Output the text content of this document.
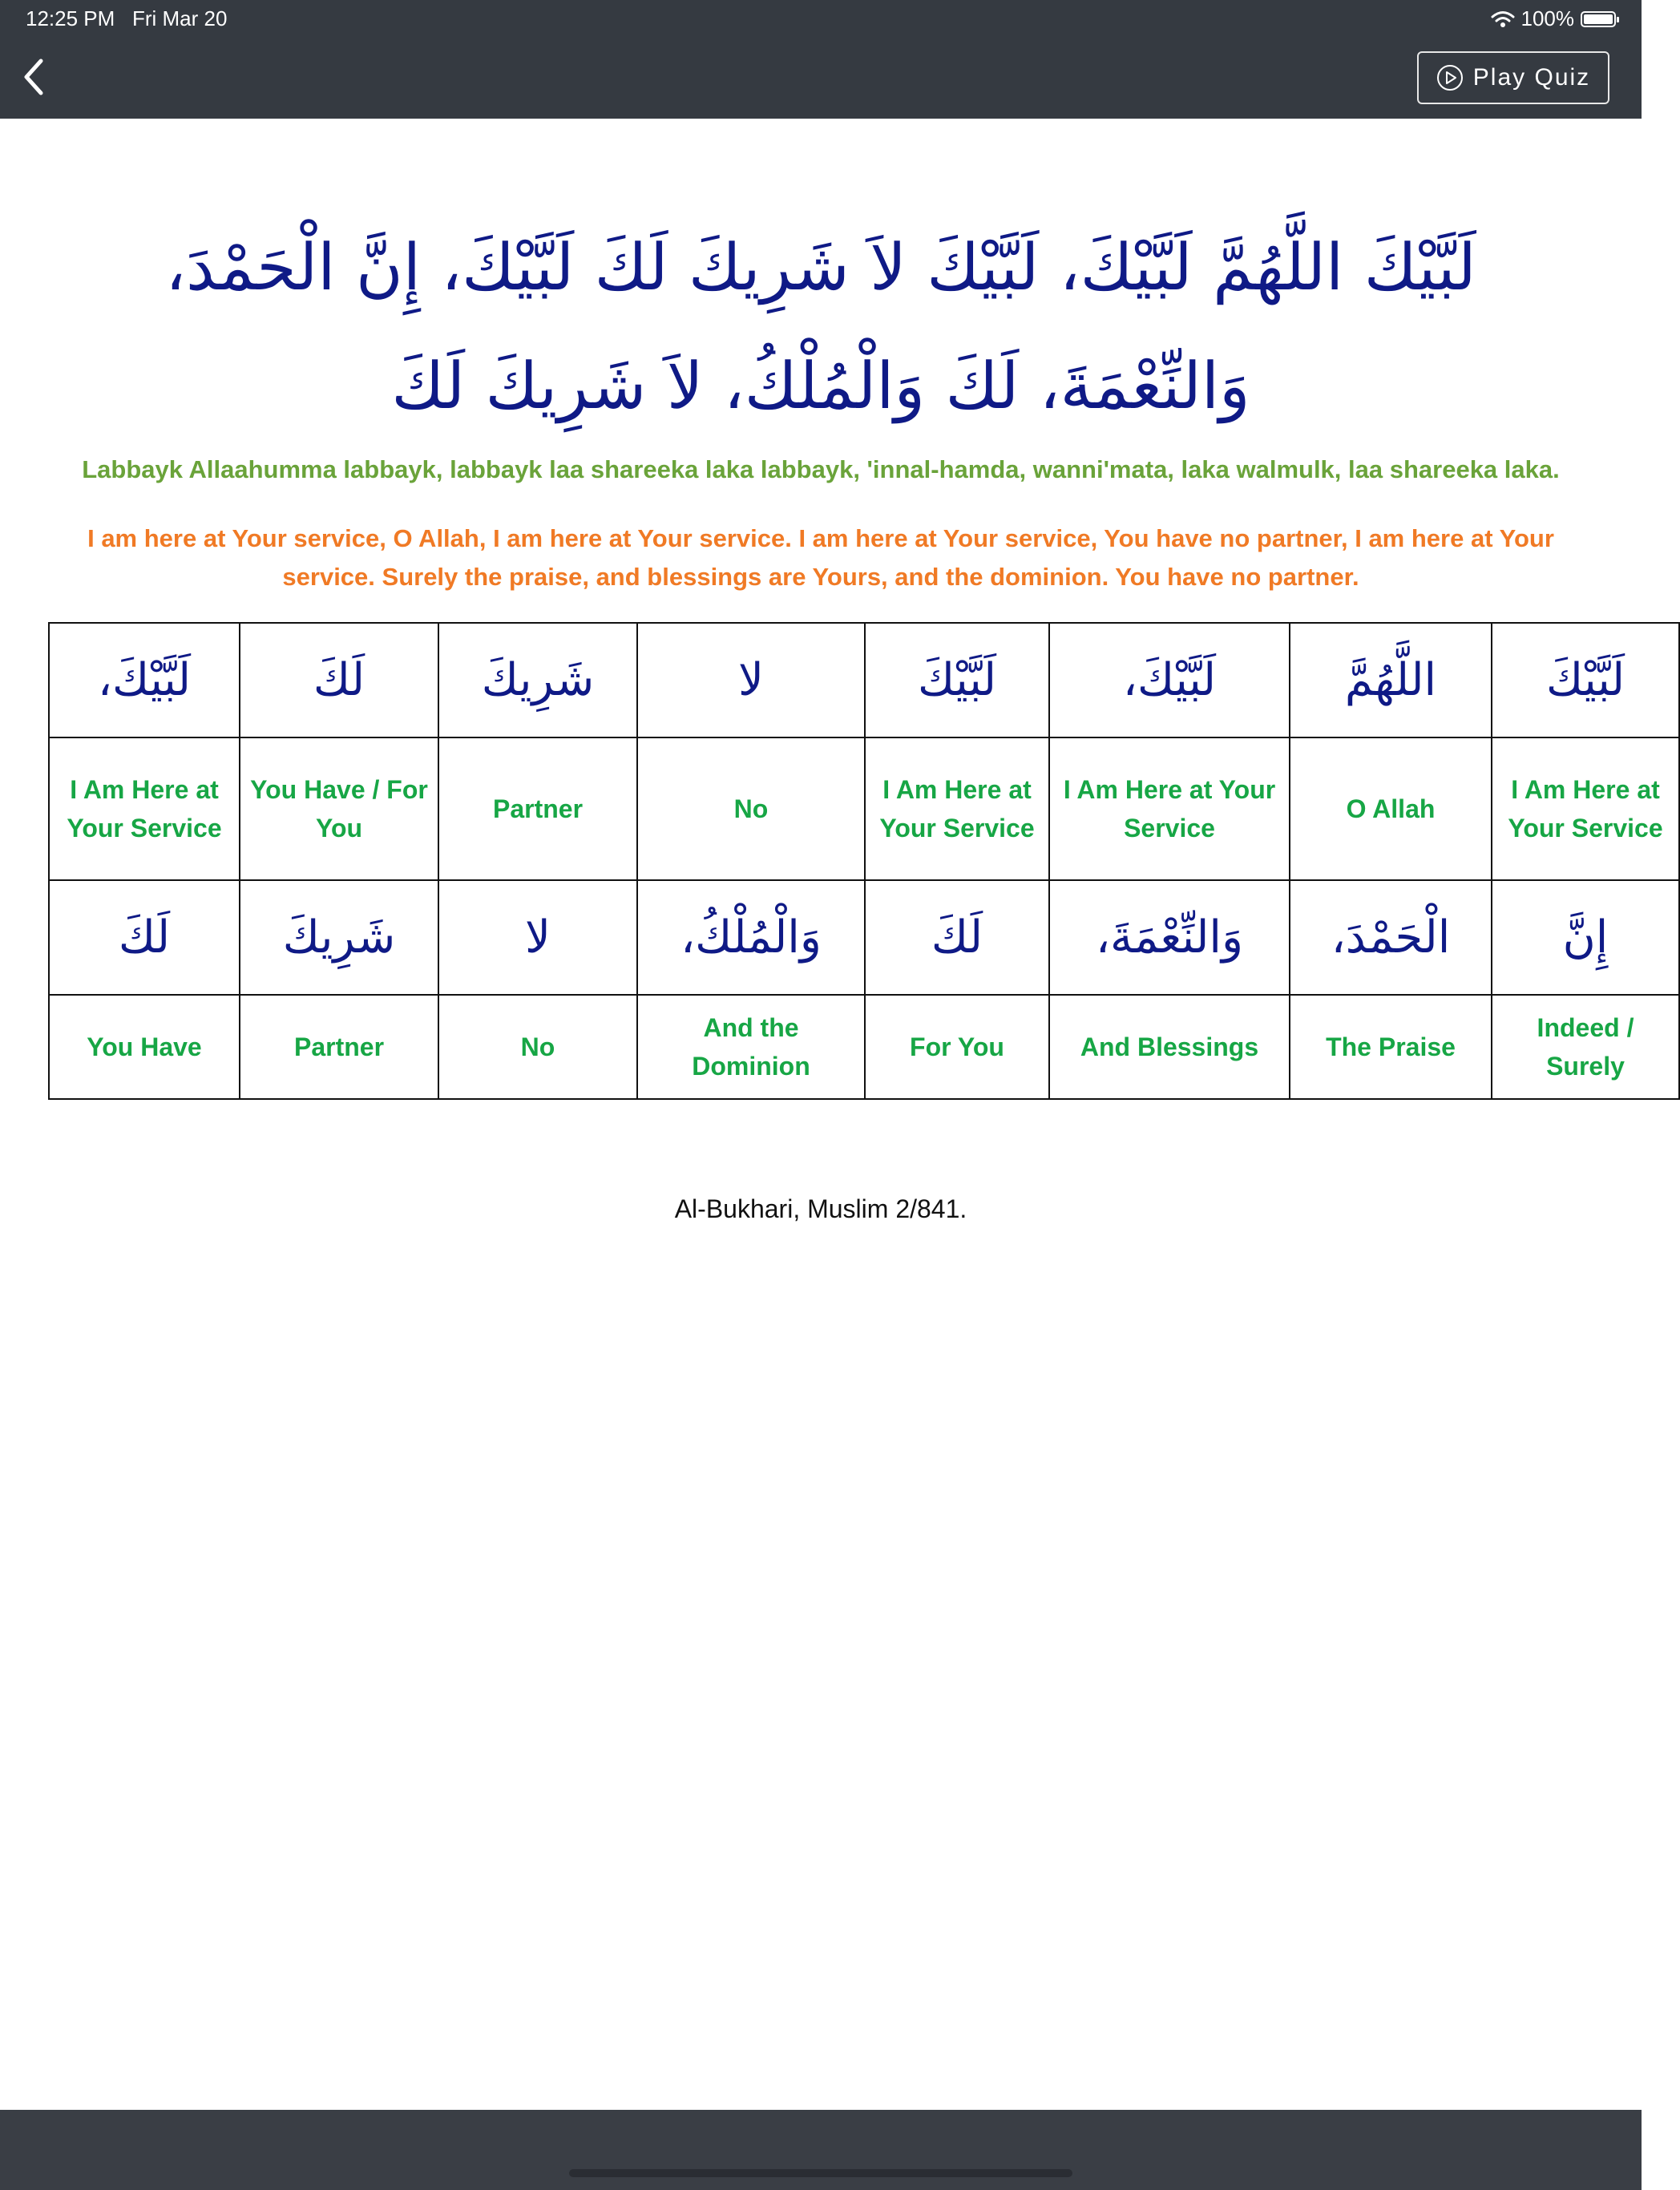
12:25 PM Fri Mar 20	100%
Play Quiz
لَبَّيْكَ اللَّهُمَّ لَبَّيْكَ، لَبَّيْكَ لاَ شَرِيكَ لَكَ لَبَّيْكَ، إِنَّ الْحَمْدَ، وَالنِّعْمَةَ، لَكَ وَالْمُلْكُ، لاَ شَرِيكَ لَكَ
Labbayk Allaahumma labbayk, labbayk laa shareeka laka labbayk, 'innal-hamda, wanni'mata, laka walmulk, laa shareeka laka.
I am here at Your service, O Allah, I am here at Your service. I am here at Your service, You have no partner, I am here at Your service. Surely the praise, and blessings are Yours, and the dominion. You have no partner.
لَبَّيْكَ	اللَّهُمَّ	لَبَّيْكَ،	لَبَّيْكَ	لا	شَرِيكَ	لَكَ	لَبَّيْكَ،
I Am Here at Your Service	O Allah	I Am Here at Your Service	I Am Here at Your Service	No	Partner	You Have / For You	I Am Here at Your Service
إِنَّ	الْحَمْدَ،	وَالنِّعْمَةَ،	لَكَ	وَالْمُلْكُ،	لا	شَرِيكَ	لَكَ
Indeed / Surely	The Praise	And Blessings	For You	And the Dominion	No	Partner	You Have
Al-Bukhari, Muslim 2/841.
